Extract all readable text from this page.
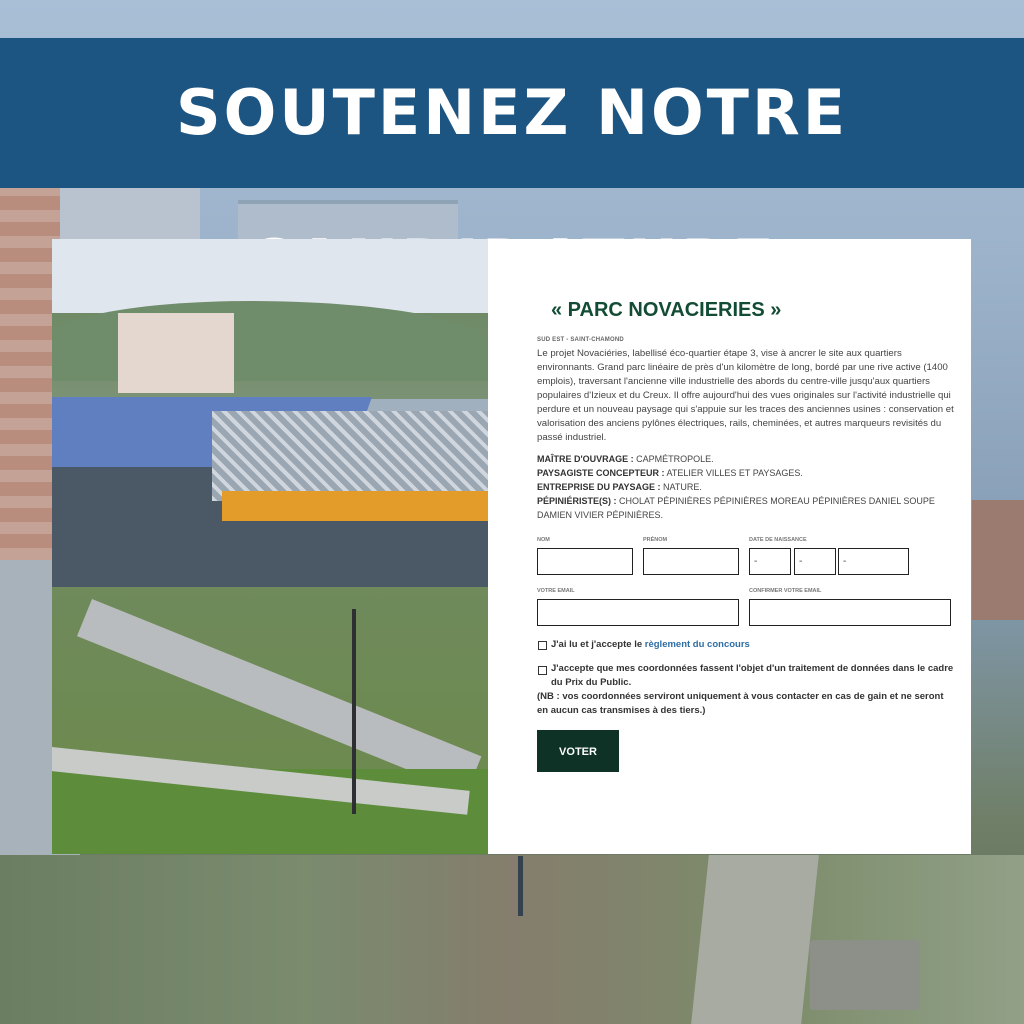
SOUTENEZ NOTRE
« PARC NOVACIERIES »
SUD EST - SAINT-CHAMOND
Le projet Novaciéries, labellisé éco-quartier étape 3, vise à ancrer le site aux quartiers environnants. Grand parc linéaire de près d'un kilomètre de long, bordé par une rive active (1400 emplois), traversant l'ancienne ville industrielle des abords du centre-ville jusqu'aux quartiers populaires d'Izieux et du Creux. Il offre aujourd'hui des vues originales sur l'activité industrielle qui perdure et un nouveau paysage qui s'appuie sur les traces des anciennes usines : conservation et valorisation des anciens pylônes électriques, rails, cheminées, et autres marqueurs revisités du passé industriel.
MAÎTRE D'OUVRAGE : CAPMÉTROPOLE.
PAYSAGISTE CONCEPTEUR : ATELIER VILLES ET PAYSAGES.
ENTREPRISE DU PAYSAGE : NATURE.
PÉPINIÉRISTE(S) : CHOLAT PÉPINIÈRES PÉPINIÈRES MOREAU PÉPINIÈRES DANIEL SOUPE DAMIEN VIVIER PÉPINIÈRES.
NOM	PRÉNOM	DATE DE NAISSANCE
-
-
-
VOTRE EMAIL	CONFIRMER VOTRE EMAIL
J'ai lu et j'accepte le règlement du concours
J'accepte que mes coordonnées fassent l'objet d'un traitement de données dans le cadre du Prix du Public.
(NB : vos coordonnées serviront uniquement à vous contacter en cas de gain et ne seront en aucun cas transmises à des tiers.)
VOTER
